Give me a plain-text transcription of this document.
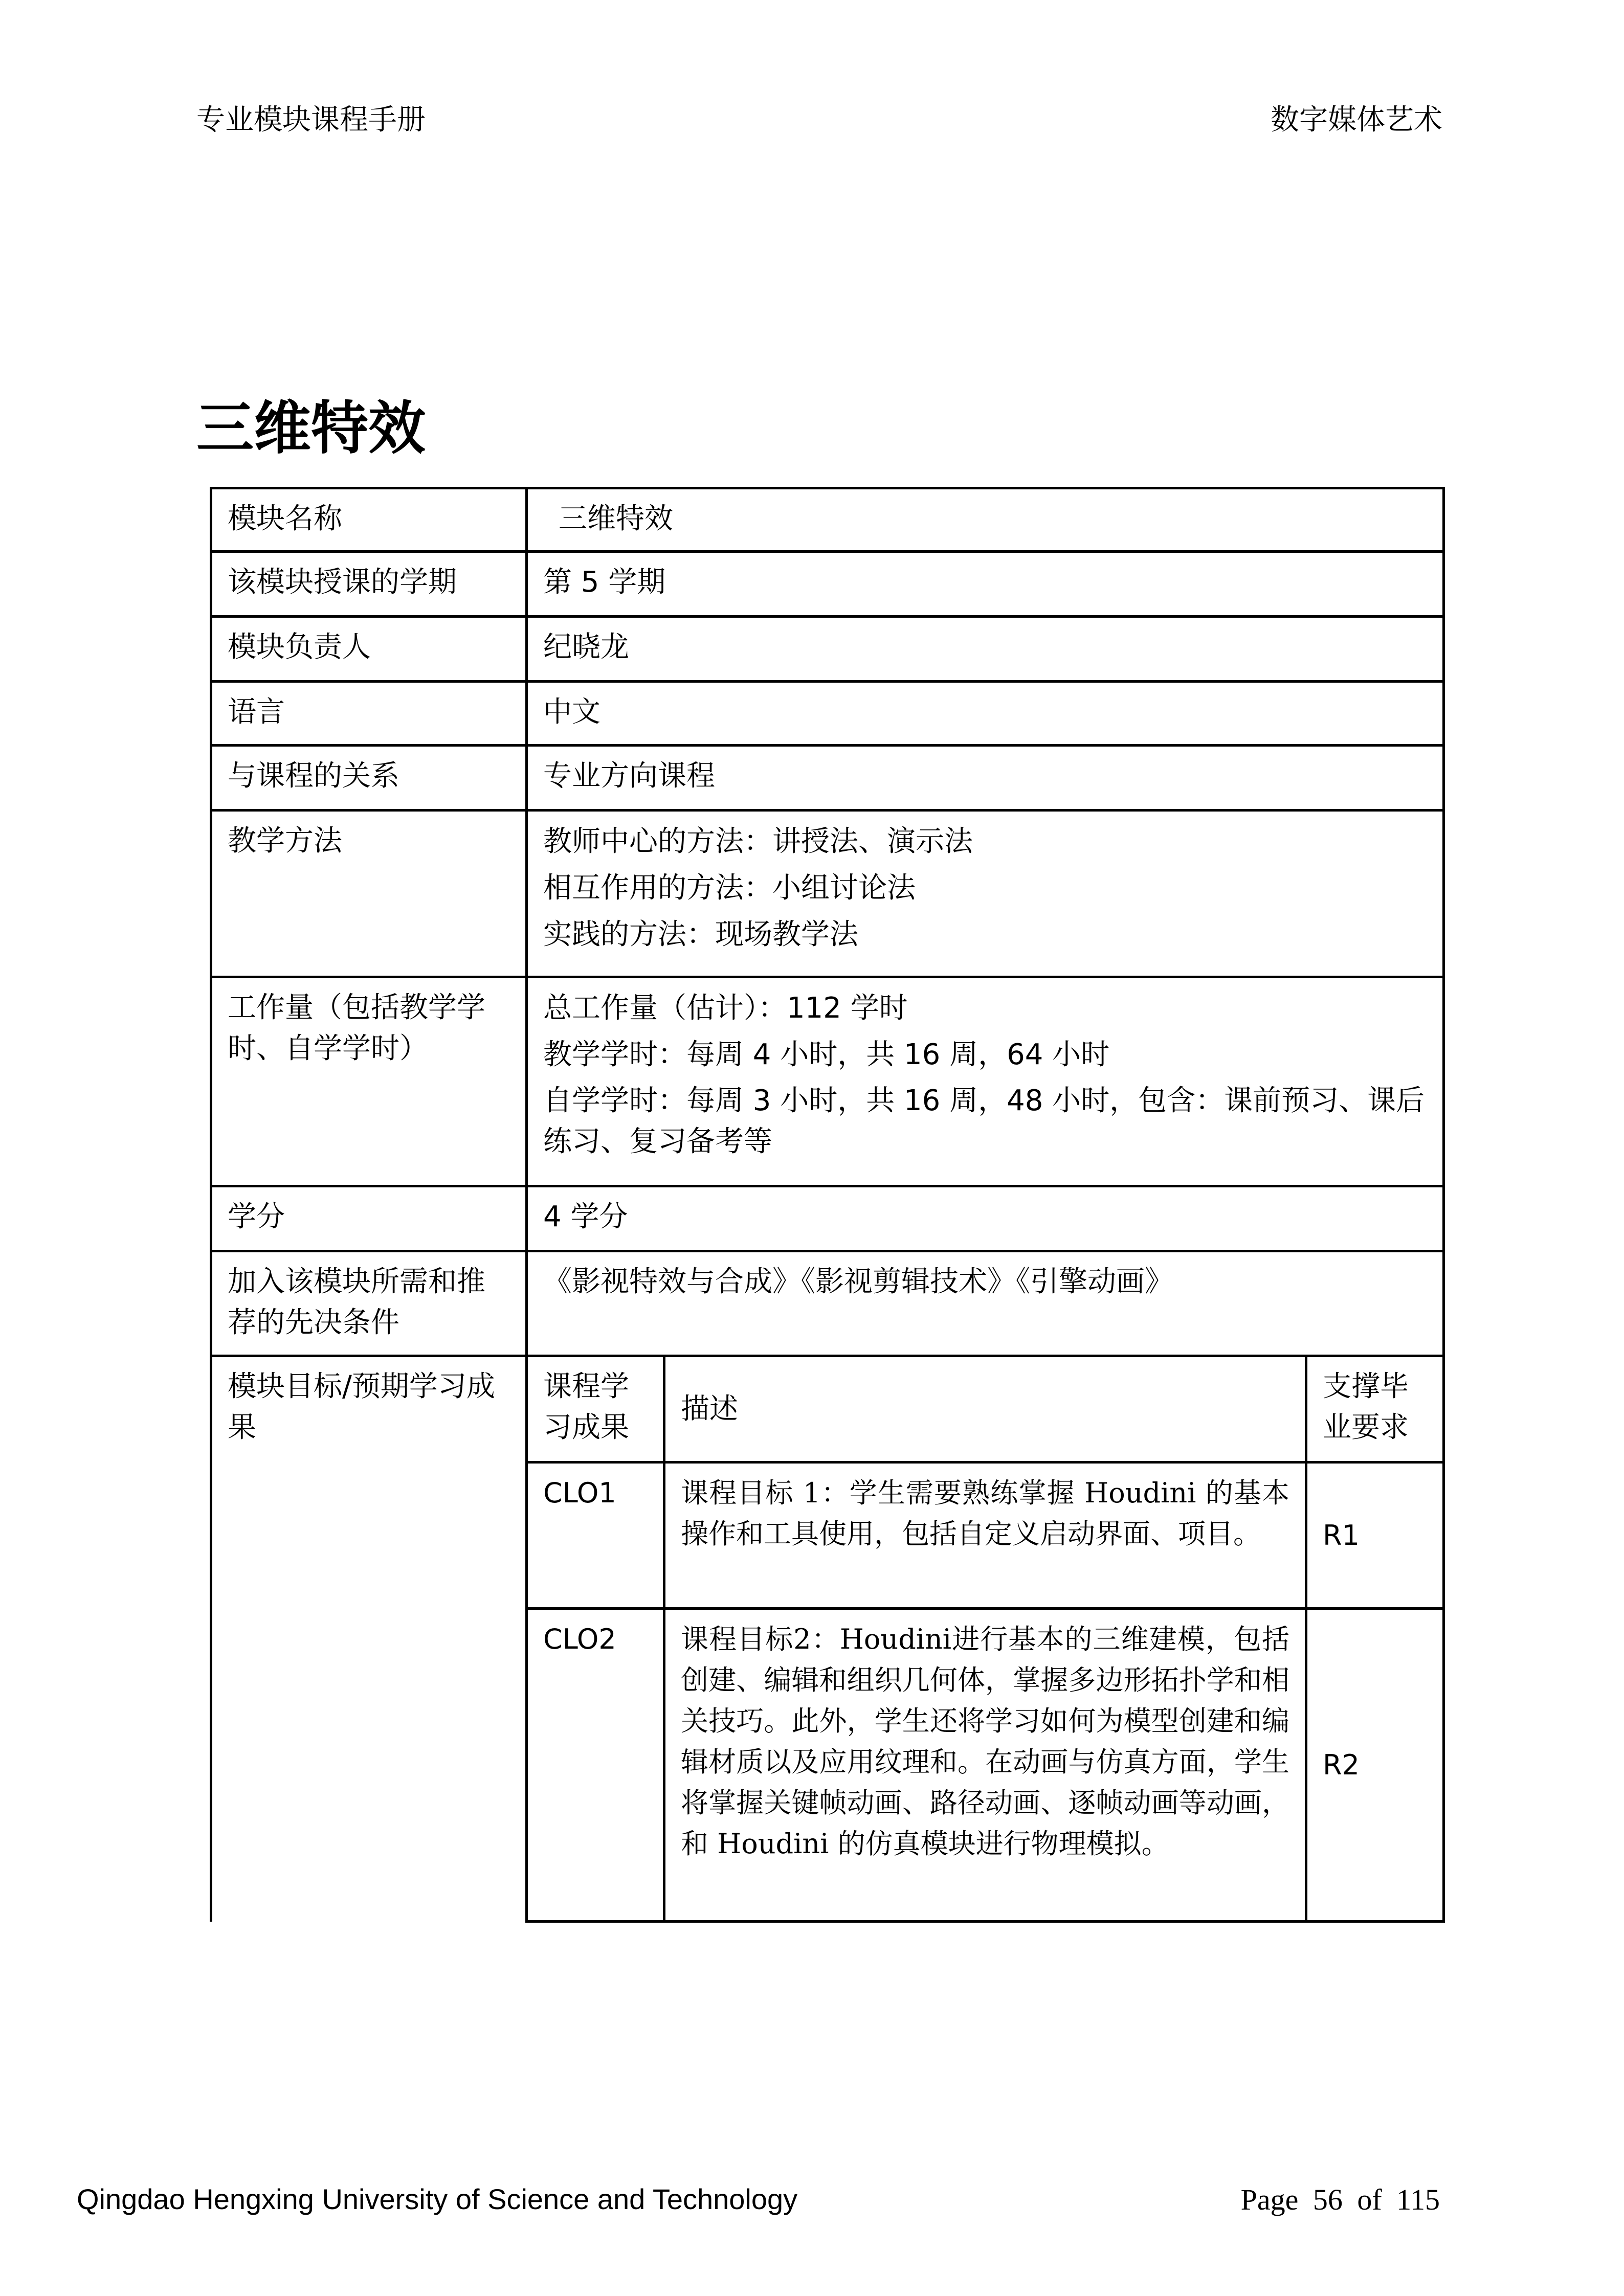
专业模块课程手册	数字媒体艺术
三维特效
模块名称	三维特效		
该模块授课的学期	第 5 学期		
模块负责人	纪晓龙		
语言	中文		
与课程的关系	专业方向课程		
教学方法	教师中心的方法：讲授法、演示法
相互作用的方法：小组讨论法
实践的方法：现场教学法		

工作量（包括教学学时、自学学时）	总工作量（估计）：112 学时
教学学时：每周 4 小时，共 16 周，64 小时
自学学时：每周 3 小时，共 16 周，48 小时，包含：课前预习、课后练习、复习备考等		

学分	4 学分		
加入该模块所需和推荐的先决条件	《影视特效与合成》《影视剪辑技术》《引擎动画》		
模块目标/预期学习成果	课程学习成果	描述	支撑毕业要求
	CLO1	课程目标 1：学生需要熟练掌握 Houdini 的基本操作和工具使用，包括自定义启动界面、项目。	R1
	CLO2	课程目标2：Houdini进行基本的三维建模，包括创建、编辑和组织几何体，掌握多边形拓扑学和相关技巧。此外，学生还将学习如何为模型创建和编辑材质以及应用纹理和。在动画与仿真方面，学生将掌握关键帧动画、路径动画、逐帧动画等动画，和 Houdini 的仿真模块进行物理模拟。	R2
Qingdao Hengxing University of Science and Technology	Page 56 of 115
